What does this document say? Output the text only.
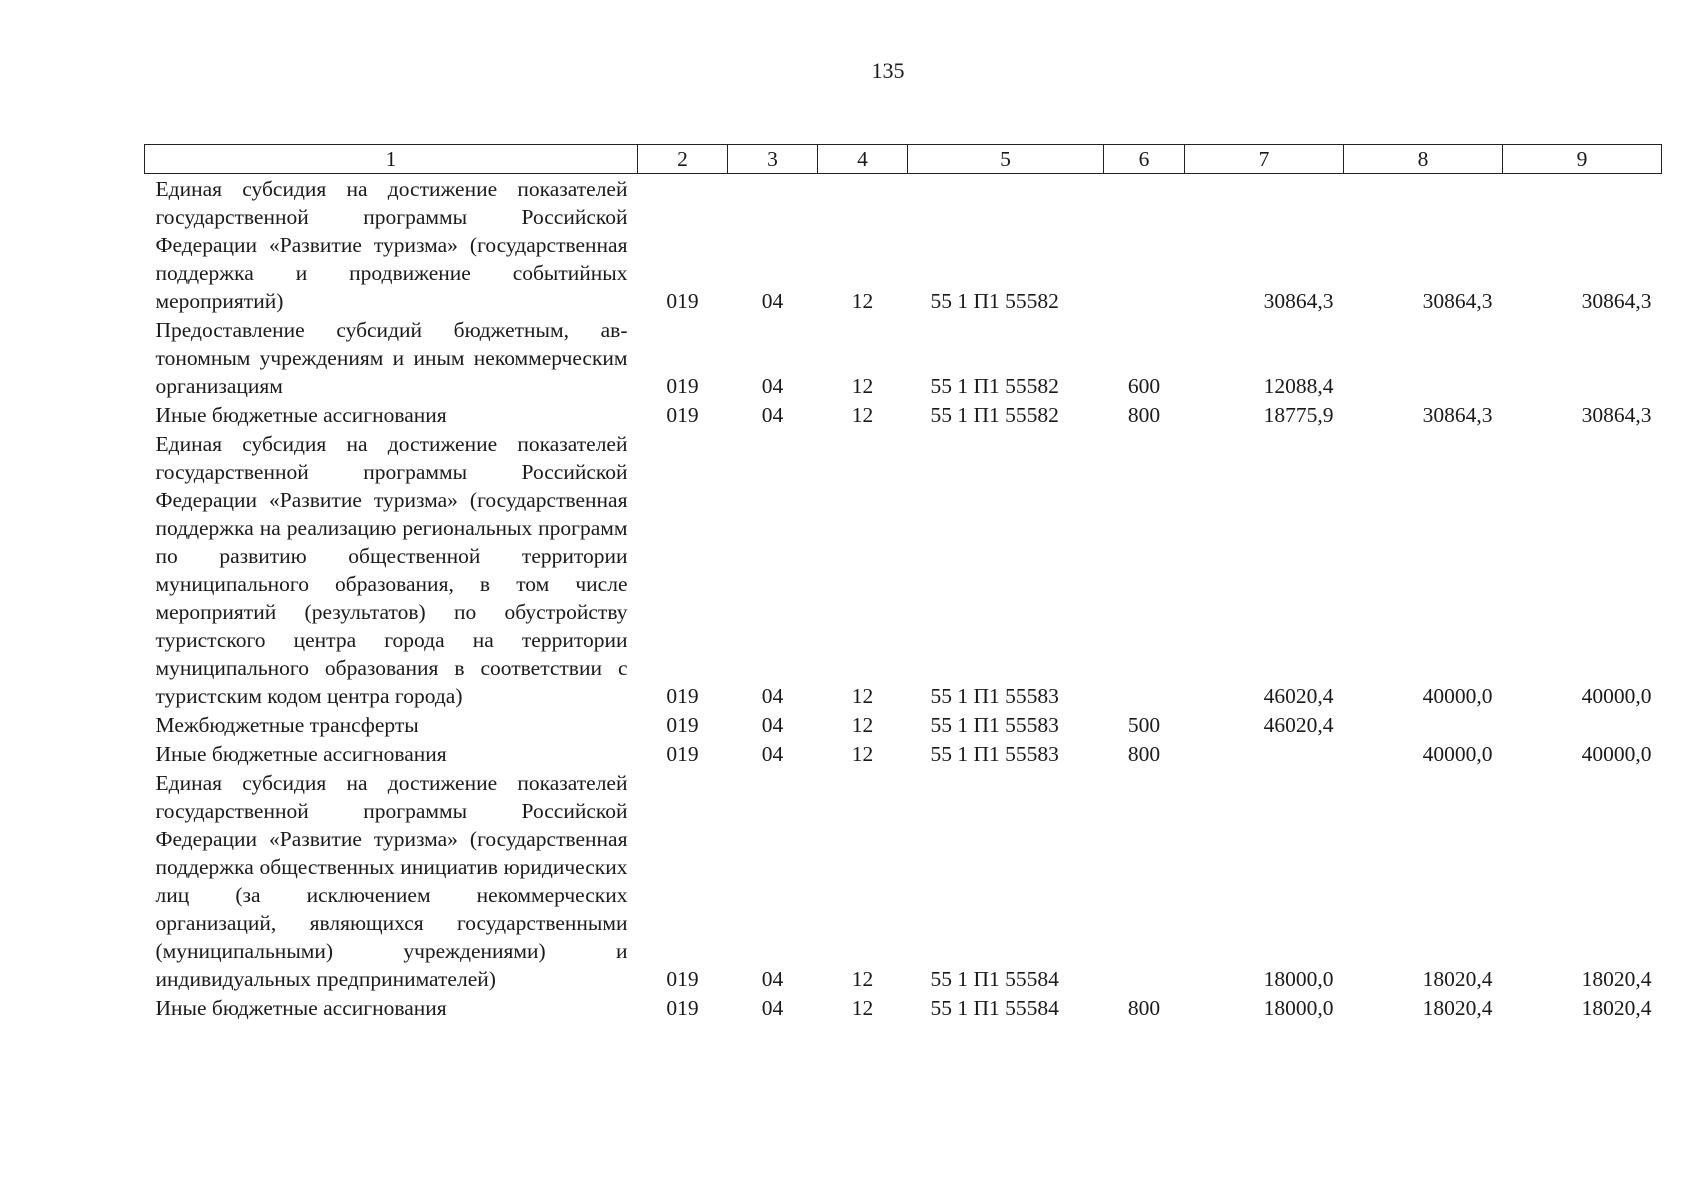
135
1	2	3	4	5	6	7	8	9
Единая субсидия на достижение показателей государственной программы Российской Федерации «Развитие туризма» (государственная поддержка и продвижение событийных мероприятий)	019	04	12	55 1 П1 55582		30864,3	30864,3	30864,3
Предоставление субсидий бюджетным, автономным учреждениям и иным некоммерческим организациям	019	04	12	55 1 П1 55582	600	12088,4		
Иные бюджетные ассигнования	019	04	12	55 1 П1 55582	800	18775,9	30864,3	30864,3
Единая субсидия на достижение показателей государственной программы Российской Федерации «Развитие туризма» (государственная поддержка на реализацию региональных программ по развитию общественной территории муниципального образования, в том числе мероприятий (результатов) по обустройству туристского центра города на территории муниципального образования в соответствии с туристским кодом центра города)	019	04	12	55 1 П1 55583		46020,4	40000,0	40000,0
Межбюджетные трансферты	019	04	12	55 1 П1 55583	500	46020,4		
Иные бюджетные ассигнования	019	04	12	55 1 П1 55583	800		40000,0	40000,0
Единая субсидия на достижение показателей государственной программы Российской Федерации «Развитие туризма» (государственная поддержка общественных инициатив юридических лиц (за исключением некоммерческих организаций, являющихся государственными (муниципальными) учреждениями) и индивидуальных предпринимателей)	019	04	12	55 1 П1 55584		18000,0	18020,4	18020,4
Иные бюджетные ассигнования	019	04	12	55 1 П1 55584	800	18000,0	18020,4	18020,4
